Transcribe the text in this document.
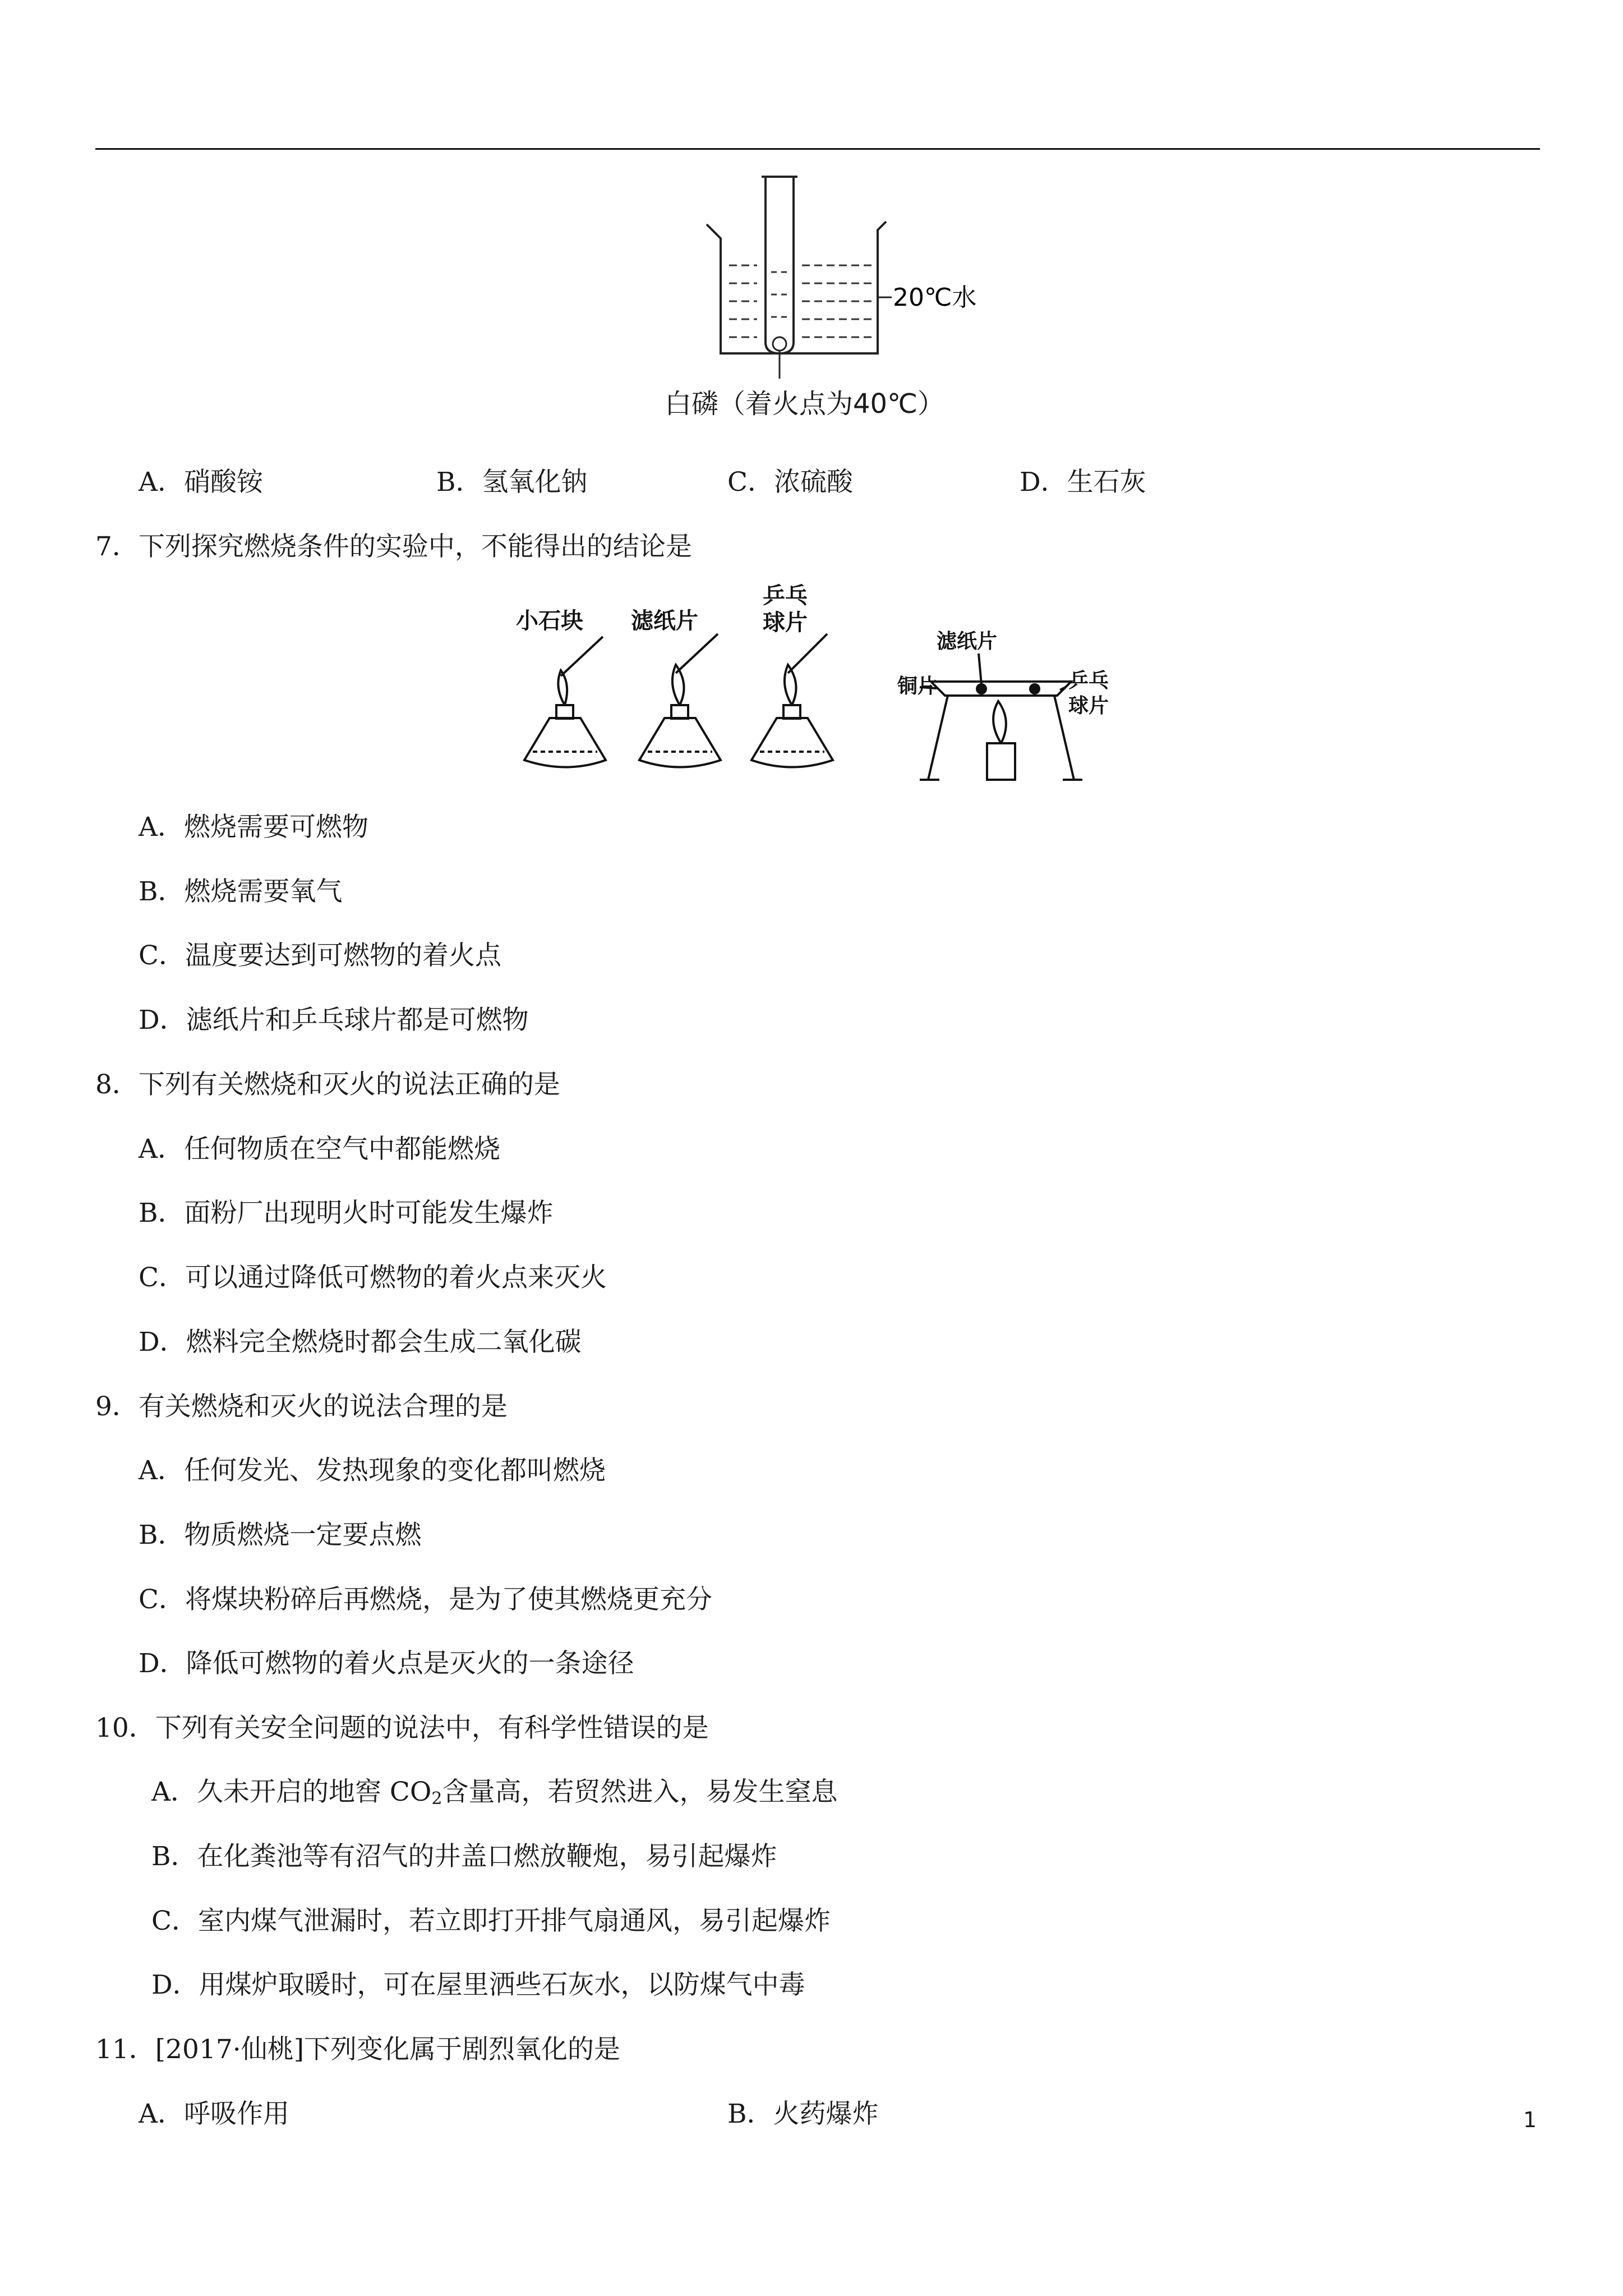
20℃水
白磷（着火点为40℃）
A．硝酸铵	B．氢氧化钠	C．浓硫酸	D．生石灰
7．下列探究燃烧条件的实验中，不能得出的结论是
小石块 滤纸片
乒乓
球片
滤纸片
铜片	乒乓
球片
A．燃烧需要可燃物
B．燃烧需要氧气
C．温度要达到可燃物的着火点
D．滤纸片和乒乓球片都是可燃物
8．下列有关燃烧和灭火的说法正确的是
A．任何物质在空气中都能燃烧
B．面粉厂出现明火时可能发生爆炸
C．可以通过降低可燃物的着火点来灭火
D．燃料完全燃烧时都会生成二氧化碳
9．有关燃烧和灭火的说法合理的是
A．任何发光、发热现象的变化都叫燃烧
B．物质燃烧一定要点燃
C．将煤块粉碎后再燃烧，是为了使其燃烧更充分
D．降低可燃物的着火点是灭火的一条途径
10．下列有关安全问题的说法中，有科学性错误的是
A．久未开启的地窖 $CO_2$含量高，若贸然进入，易发生窒息
B．在化粪池等有沼气的井盖口燃放鞭炮，易引起爆炸
C．室内煤气泄漏时，若立即打开排气扇通风，易引起爆炸
D．用煤炉取暖时，可在屋里洒些石灰水，以防煤气中毒
11．[2017·仙桃]下列变化属于剧烈氧化的是
A．呼吸作用	B．火药爆炸	1
